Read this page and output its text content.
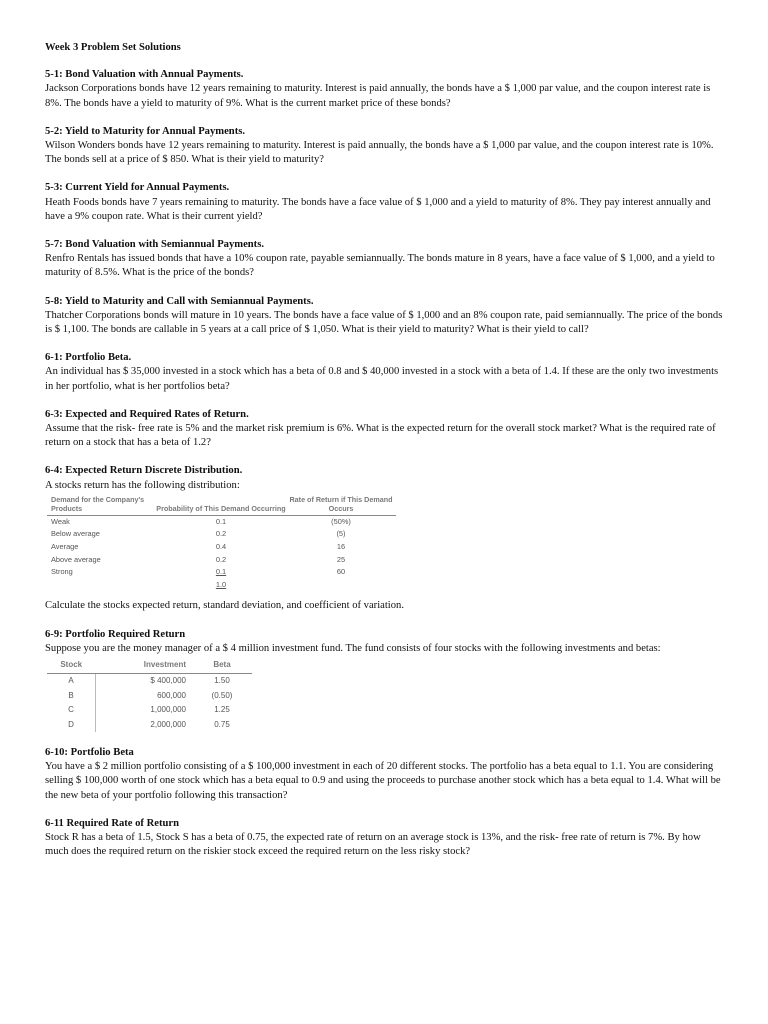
Week 3 Problem Set Solutions
5-1: Bond Valuation with Annual Payments.

Jackson Corporations bonds have 12 years remaining to maturity. Interest is paid annually, the bonds have a $ 1,000 par value, and the coupon interest rate is 8%. The bonds have a yield to maturity of 9%. What is the current market price of these bonds?

5-2: Yield to Maturity for Annual Payments.

Wilson Wonders bonds have 12 years remaining to maturity. Interest is paid annually, the bonds have a $ 1,000 par value, and the coupon interest rate is 10%. The bonds sell at a price of $ 850. What is their yield to maturity?

5-3: Current Yield for Annual Payments.

Heath Foods bonds have 7 years remaining to maturity. The bonds have a face value of $ 1,000 and a yield to maturity of 8%. They pay interest annually and have a 9% coupon rate. What is their current yield?

5-7: Bond Valuation with Semiannual Payments.

Renfro Rentals has issued bonds that have a 10% coupon rate, payable semiannually. The bonds mature in 8 years, have a face value of $ 1,000, and a yield to maturity of 8.5%. What is the price of the bonds?

5-8: Yield to Maturity and Call with Semiannual Payments.

Thatcher Corporations bonds will mature in 10 years. The bonds have a face value of $ 1,000 and an 8% coupon rate, paid semiannually. The price of the bonds is $ 1,100. The bonds are callable in 5 years at a call price of $ 1,050. What is their yield to maturity? What is their yield to call?

6-1: Portfolio Beta.

An individual has $ 35,000 invested in a stock which has a beta of 0.8 and $ 40,000 invested in a stock with a beta of 1.4. If these are the only two investments in her portfolio, what is her portfolios beta?

6-3: Expected and Required Rates of Return.

Assume that the risk- free rate is 5% and the market risk premium is 6%. What is the expected return for the overall stock market? What is the required rate of return on a stock that has a beta of 1.2?

6-4: Expected Return Discrete Distribution.

A stocks return has the following distribution:

Demand for the Company's Products	Probability of This Demand Occurring	Rate of Return if This Demand Occurs
Weak	0.1	(50%)
Below average	0.2	(5)
Average	0.4	16
Above average	0.2	25
Strong	0.1	60
	1.0	

Calculate the stocks expected return, standard deviation, and coefficient of variation.

6-9: Portfolio Required Return

Suppose you are the money manager of a $ 4 million investment fund. The fund consists of four stocks with the following investments and betas:

Stock	Investment	Beta
A	$ 400,000	1.50
B	600,000	(0.50)
C	1,000,000	1.25
D	2,000,000	0.75
6-10: Portfolio Beta

You have a $ 2 million portfolio consisting of a $ 100,000 investment in each of 20 different stocks. The portfolio has a beta equal to 1.1. You are considering selling $ 100,000 worth of one stock which has a beta equal to 0.9 and using the proceeds to purchase another stock which has a beta equal to 1.4. What will be the new beta of your portfolio following this transaction?

6-11 Required Rate of Return

Stock R has a beta of 1.5, Stock S has a beta of 0.75, the expected rate of return on an average stock is 13%, and the risk- free rate of return is 7%. By how much does the required return on the riskier stock exceed the required return on the less risky stock?
